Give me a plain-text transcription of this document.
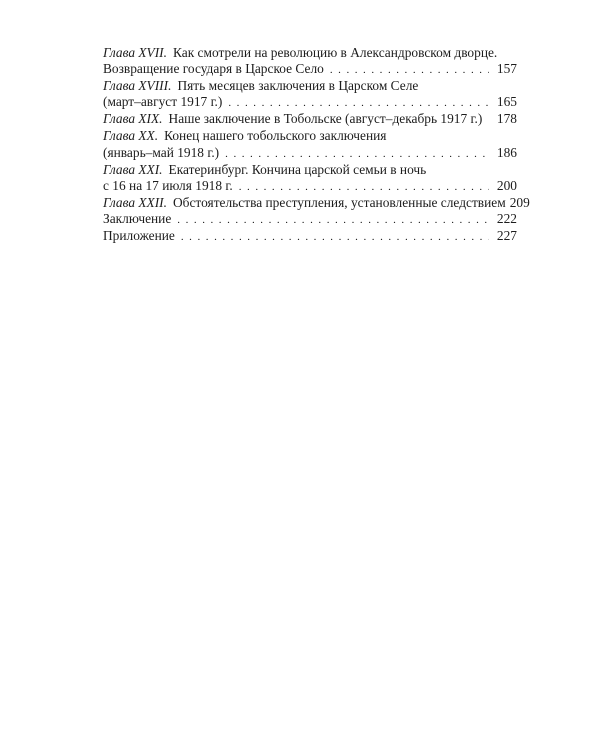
Глава XVII. Как смотрели на революцию в Александровском дворце.
Возвращение государя в Царское Село . . .	157
Глава XVIII. Пять месяцев заключения в Царском Селе
(март–август 1917 г.) . . .	165
Глава XIX. Наше заключение в Тобольске (август–декабрь 1917 г.) . . . 178
Глава XX. Конец нашего тобольского заключения
(январь–май 1918 г.) . . .	186
Глава XXI. Екатеринбург. Кончина царской семьи в ночь
с 16 на 17 июля 1918 г. . . .	200
Глава XXII. Обстоятельства преступления, установленные следствием 209
Заключение . . .	222
Приложение . . .	227
